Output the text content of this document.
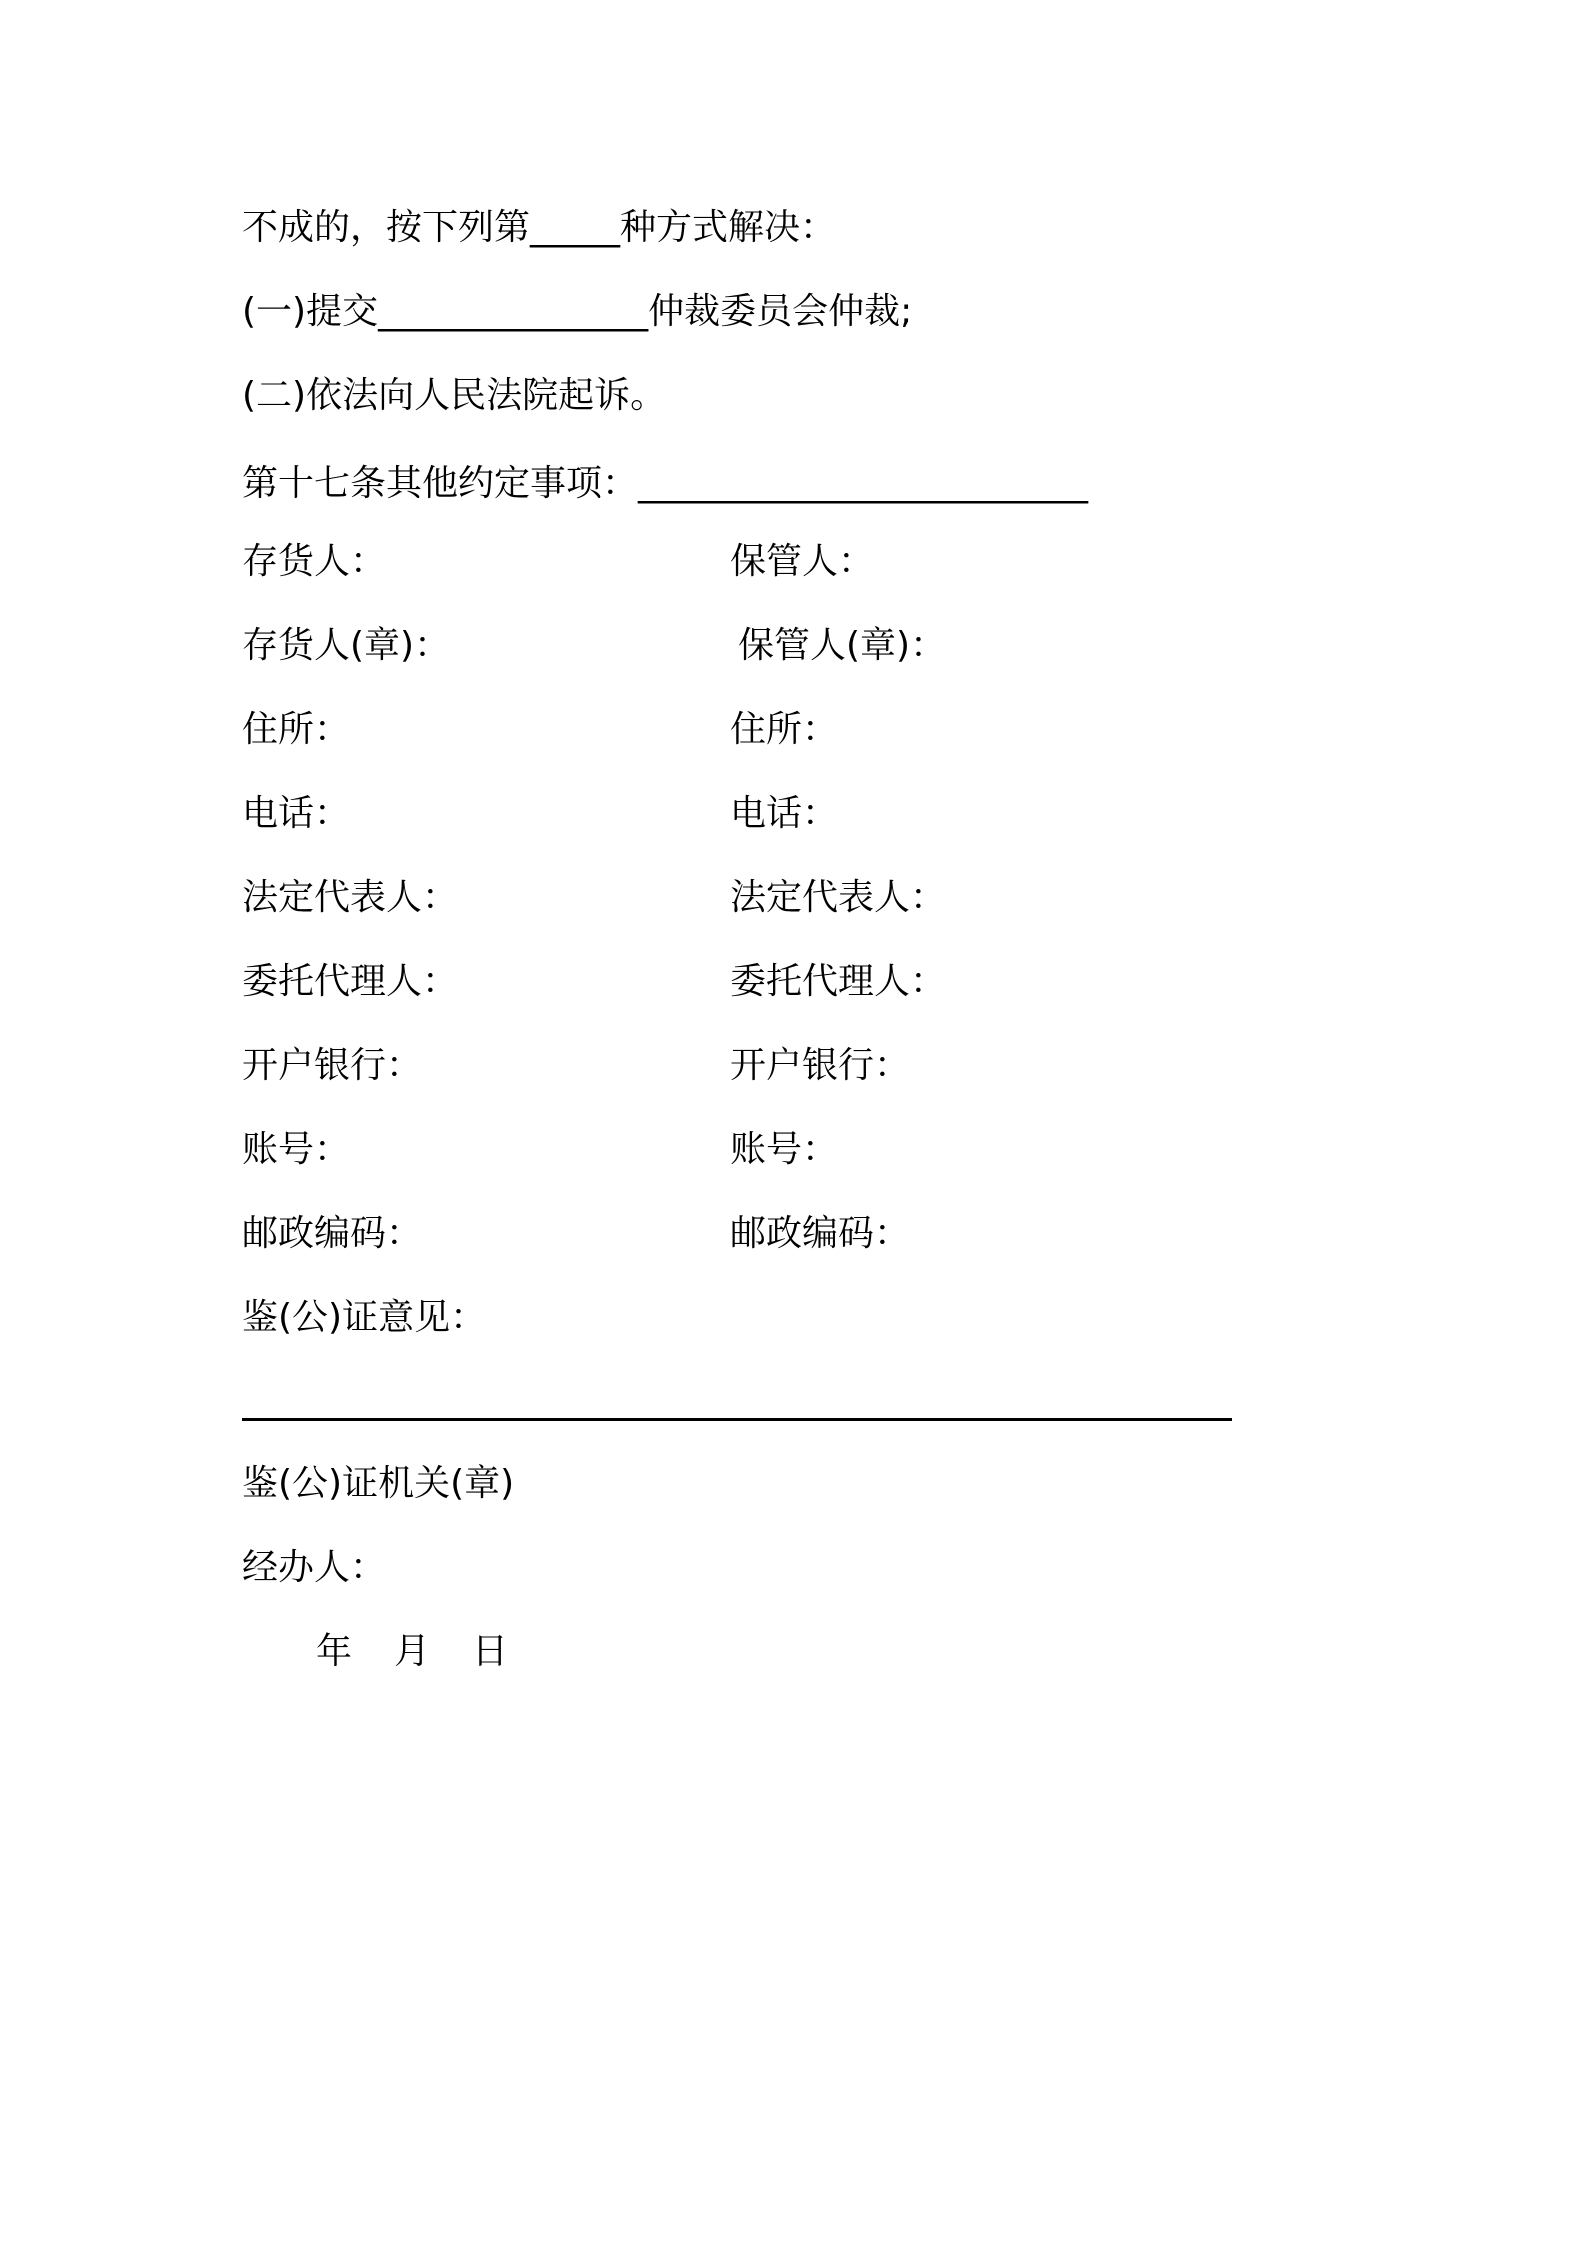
不成的，按下列第_____种方式解决：
(一)提交_______________仲裁委员会仲裁;
(二)依法向人民法院起诉。
第十七条其他约定事项：_________________________
存货人：	保管人：
存货人(章)：	保管人(章)：
住所：	住所：
电话：	电话：
法定代表人：	法定代表人：
委托代理人：	委托代理人：
开户银行：	开户银行：
账号：	账号：
邮政编码：	邮政编码：
鉴(公)证意见：
鉴(公)证机关(章)
经办人：
年 月 日
